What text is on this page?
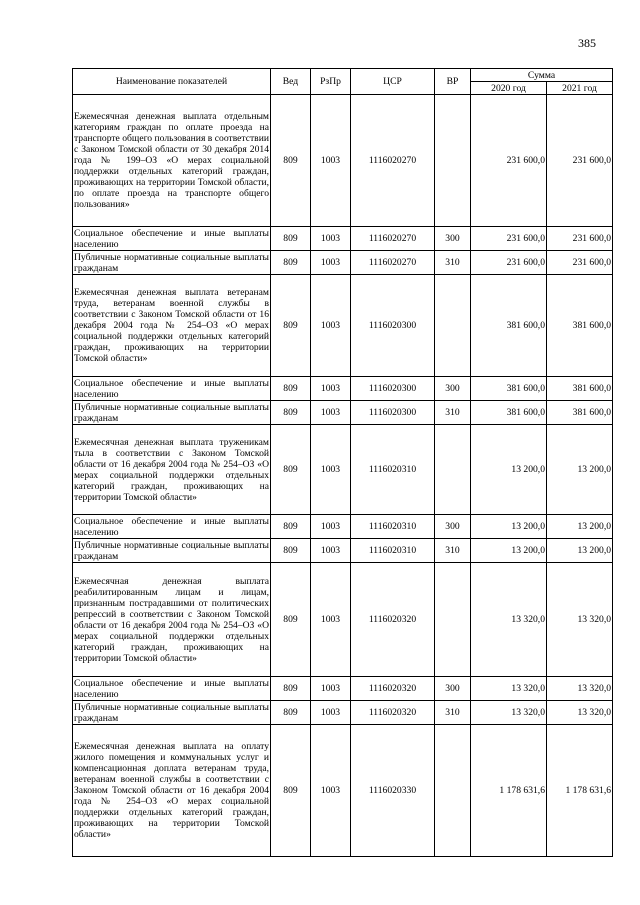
385
Наименование показателей	Вед	РзПр	ЦСР	ВР	Сумма	
					2020 год	2021 год
Ежемесячная денежная выплата отдельным категориям граждан по оплате проезда на транспорте общего пользования в соответствии с Законом Томской области от 30 декабря 2014 года № 199–ОЗ «О мерах социальной поддержки отдельных категорий граждан, проживающих на территории Томской области, по оплате проезда на транспорте общего пользования»	809	1003	1116020270		231 600,0	231 600,0
Социальное обеспечение и иные выплаты населению	809	1003	1116020270	300	231 600,0	231 600,0
Публичные нормативные социальные выплаты гражданам	809	1003	1116020270	310	231 600,0	231 600,0
Ежемесячная денежная выплата ветеранам труда, ветеранам военной службы в соответствии с Законом Томской области от 16 декабря 2004 года № 254–ОЗ «О мерах социальной поддержки отдельных категорий граждан, проживающих на территории Томской области»	809	1003	1116020300		381 600,0	381 600,0
Социальное обеспечение и иные выплаты населению	809	1003	1116020300	300	381 600,0	381 600,0
Публичные нормативные социальные выплаты гражданам	809	1003	1116020300	310	381 600,0	381 600,0
Ежемесячная денежная выплата труженикам тыла в соответствии с Законом Томской области от 16 декабря 2004 года № 254–ОЗ «О мерах социальной поддержки отдельных категорий граждан, проживающих на территории Томской области»	809	1003	1116020310		13 200,0	13 200,0
Социальное обеспечение и иные выплаты населению	809	1003	1116020310	300	13 200,0	13 200,0
Публичные нормативные социальные выплаты гражданам	809	1003	1116020310	310	13 200,0	13 200,0
Ежемесячная денежная выплата реабилитированным лицам и лицам, признанным пострадавшими от политических репрессий в соответствии с Законом Томской области от 16 декабря 2004 года № 254–ОЗ «О мерах социальной поддержки отдельных категорий граждан, проживающих на территории Томской области»	809	1003	1116020320		13 320,0	13 320,0
Социальное обеспечение и иные выплаты населению	809	1003	1116020320	300	13 320,0	13 320,0
Публичные нормативные социальные выплаты гражданам	809	1003	1116020320	310	13 320,0	13 320,0
Ежемесячная денежная выплата на оплату жилого помещения и коммунальных услуг и компенсационная доплата ветеранам труда, ветеранам военной службы в соответствии с Законом Томской области от 16 декабря 2004 года № 254–ОЗ «О мерах социальной поддержки отдельных категорий граждан, проживающих на территории Томской области»	809	1003	1116020330		1 178 631,6	1 178 631,6
